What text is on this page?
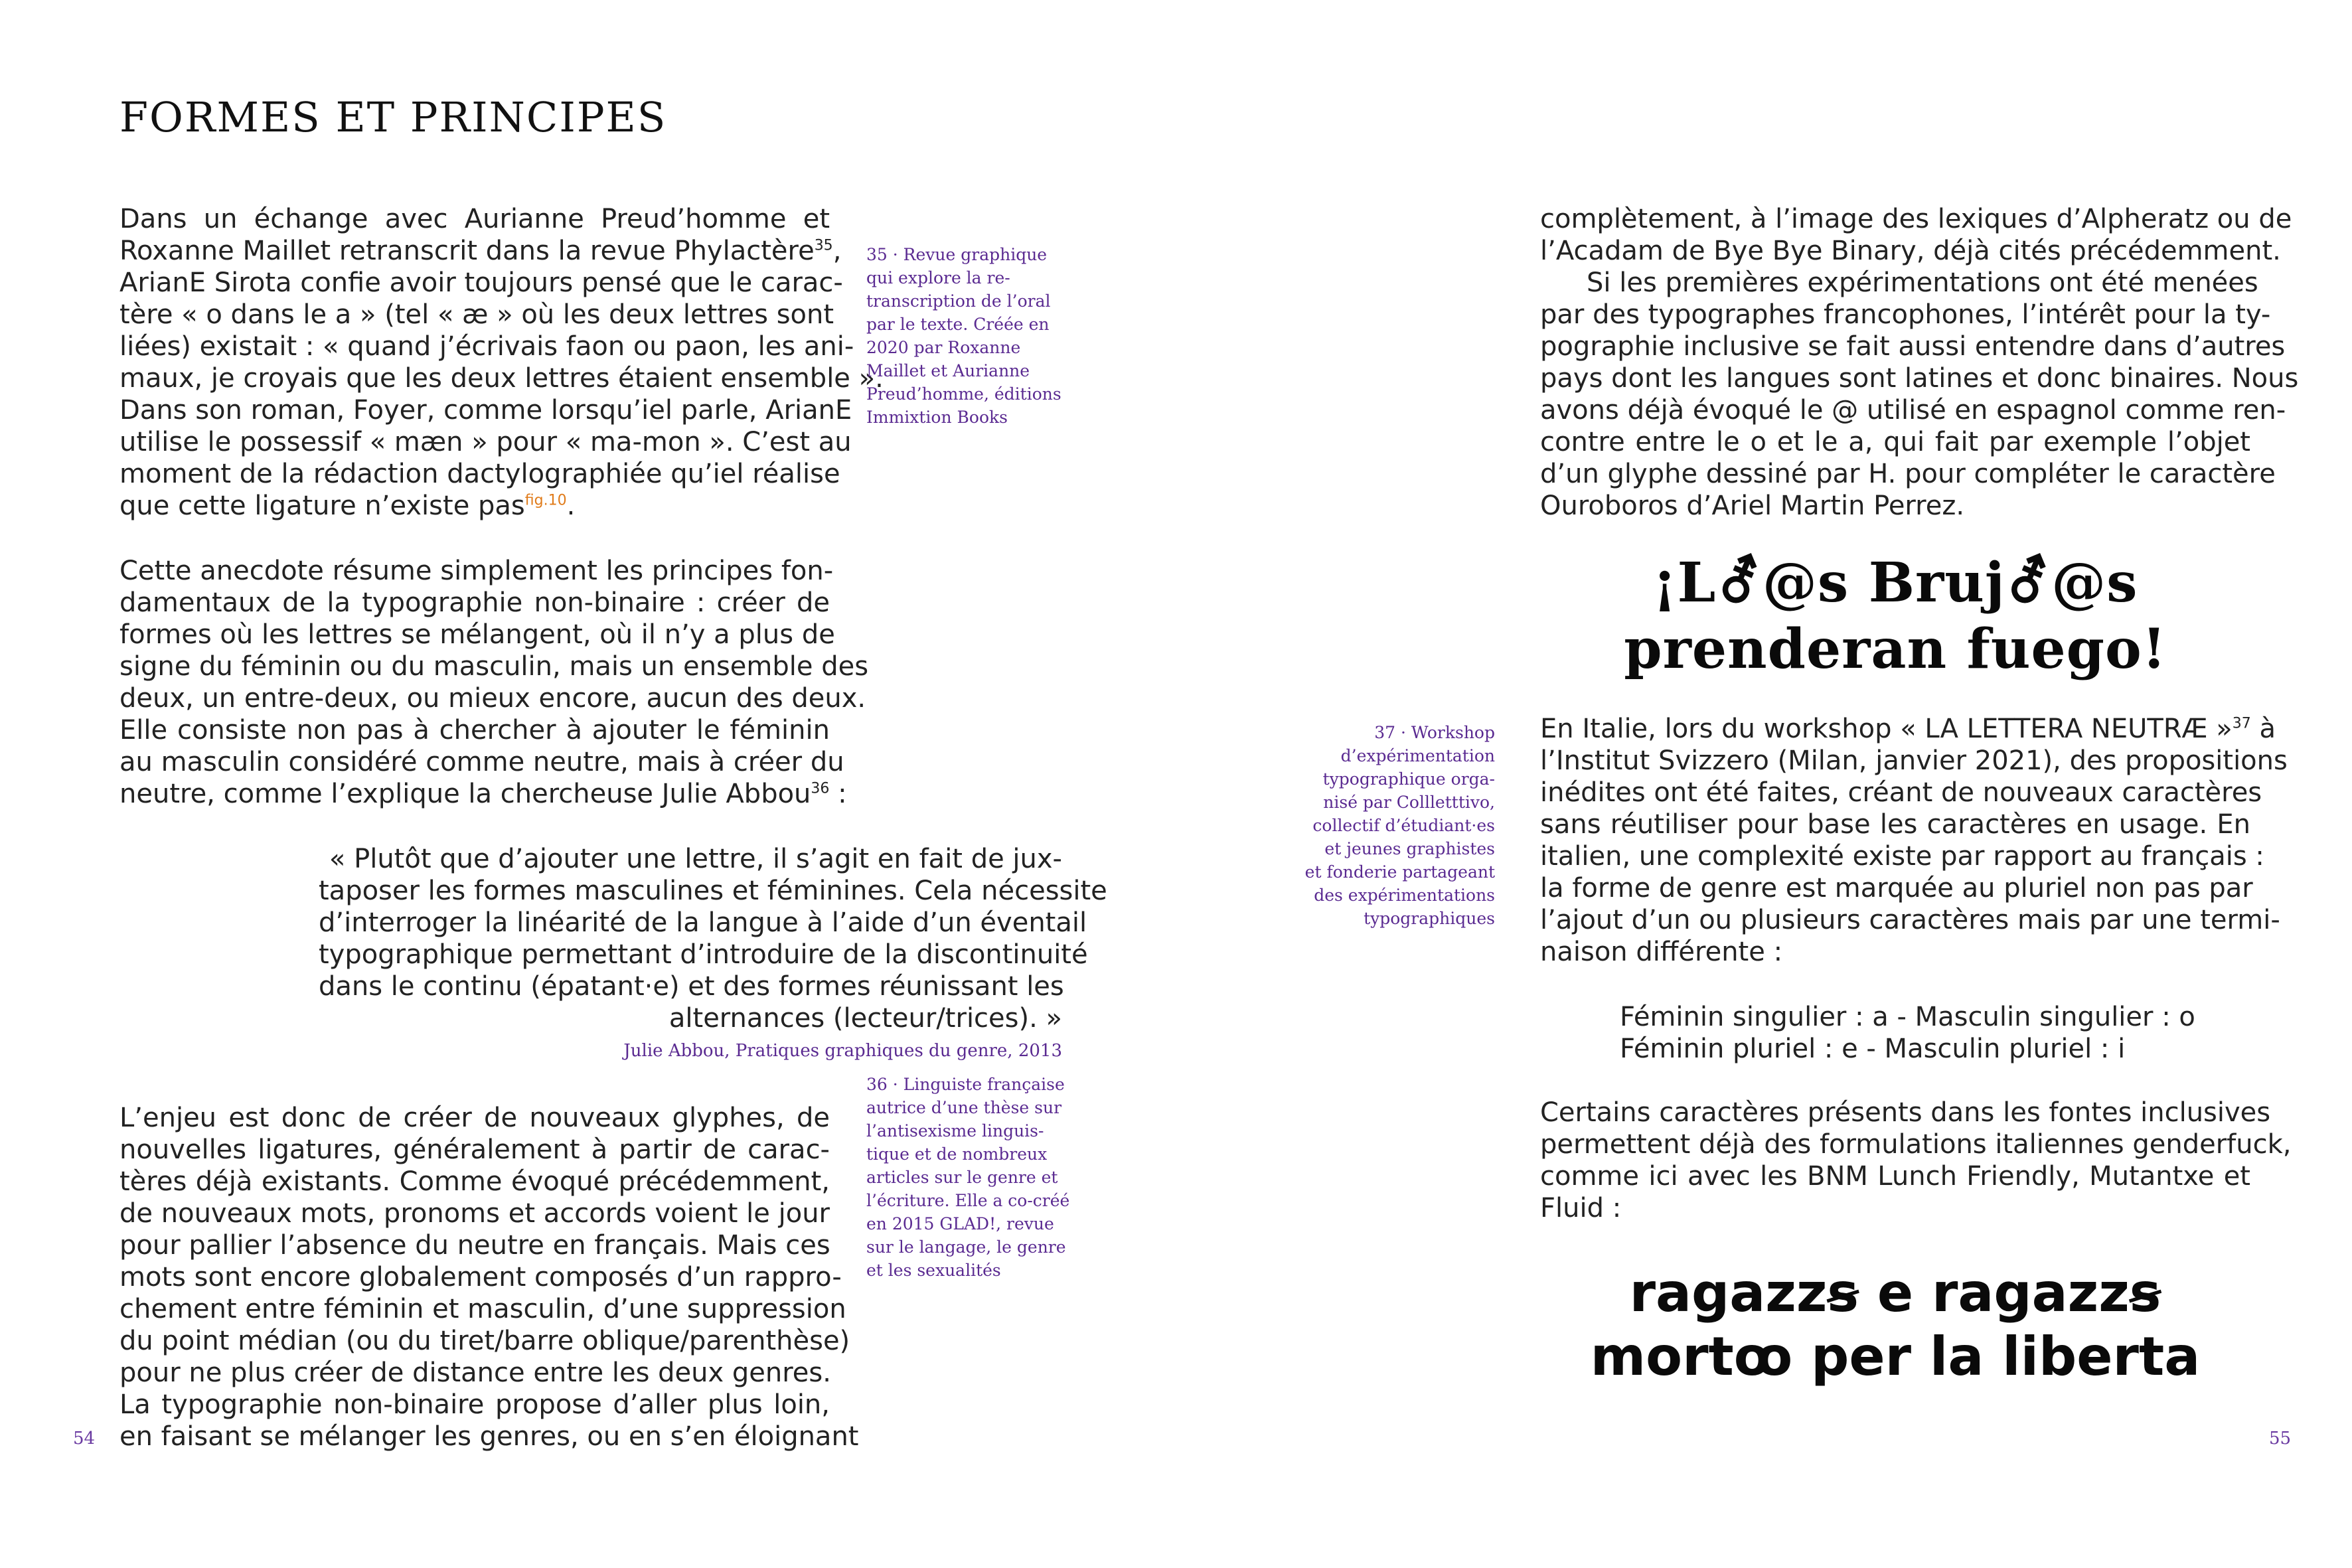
FORMES ET PRINCIPES
Dans un échange avec Aurianne Preud’homme et
Roxanne Maillet retranscrit dans la revue Phylactère$^{35}$,
ArianE Sirota confie avoir toujours pensé que le carac-
tère « o dans le a » (tel « æ » où les deux lettres sont
liées) existait : « quand j’écrivais faon ou paon, les ani-
maux, je croyais que les deux lettres étaient ensemble ».
Dans son roman, Foyer, comme lorsqu’iel parle, ArianE
utilise le possessif « mæn » pour « ma-mon ». C’est au
moment de la rédaction dactylographiée qu’iel réalise
que cette ligature n’existe pas$^{fig.10}$.
35 · Revue graphique
qui explore la re-
transcription de l’oral
par le texte. Créée en
2020 par Roxanne
Maillet et Aurianne
Preud’homme, éditions
Immixtion Books
Cette anecdote résume simplement les principes fon-
damentaux de la typographie non-binaire : créer de
formes où les lettres se mélangent, où il n’y a plus de
signe du féminin ou du masculin, mais un ensemble des
deux, un entre-deux, ou mieux encore, aucun des deux.
Elle consiste non pas à chercher à ajouter le féminin
au masculin considéré comme neutre, mais à créer du
neutre, comme l’explique la chercheuse Julie Abbou$^{36}$ :
« Plutôt que d’ajouter une lettre, il s’agit en fait de jux-
taposer les formes masculines et féminines. Cela nécessite
d’interroger la linéarité de la langue à l’aide d’un éventail
typographique permettant d’introduire de la discontinuité
dans le continu (épatant·e) et des formes réunissant les
alternances (lecteur/trices). »
Julie Abbou, Pratiques graphiques du genre, 2013
L’enjeu est donc de créer de nouveaux glyphes, de
nouvelles ligatures, généralement à partir de carac-
tères déjà existants. Comme évoqué précédemment,
de nouveaux mots, pronoms et accords voient le jour
pour pallier l’absence du neutre en français. Mais ces
mots sont encore globalement composés d’un rappro-
chement entre féminin et masculin, d’une suppression
du point médian (ou du tiret/barre oblique/parenthèse)
pour ne plus créer de distance entre les deux genres.
La typographie non-binaire propose d’aller plus loin,
en faisant se mélanger les genres, ou en s’en éloignant
36 · Linguiste française
autrice d’une thèse sur
l’antisexisme linguis-
tique et de nombreux
articles sur le genre et
l’écriture. Elle a co-créé
en 2015 GLAD!, revue
sur le langage, le genre
et les sexualités
54
complètement, à l’image des lexiques d’Alpheratz ou de
l’Acadam de Bye Bye Binary, déjà cités précédemment.
Si les premières expérimentations ont été menées
par des typographes francophones, l’intérêt pour la ty-
pographie inclusive se fait aussi entendre dans d’autres
pays dont les langues sont latines et donc binaires. Nous
avons déjà évoqué le @ utilisé en espagnol comme ren-
contre entre le o et le a, qui fait par exemple l’objet
d’un glyphe dessiné par H. pour compléter le caractère
Ouroboros d’Ariel Martin Perrez.
¡L⚦@s Bruj⚦@s
prenderan fuego!
37 · Workshop
d’expérimentation
typographique orga-
nisé par Collletttivo,
collectif d’étudiant·es
et jeunes graphistes
et fonderie partageant
des expérimentations
typographiques
En Italie, lors du workshop « LA LETTERA NEUTRÆ »$^{37}$ à
l’Institut Svizzero (Milan, janvier 2021), des propositions
inédites ont été faites, créant de nouveaux caractères
sans réutiliser pour base les caractères en usage. En
italien, une complexité existe par rapport au français :
la forme de genre est marquée au pluriel non pas par
l’ajout d’un ou plusieurs caractères mais par une termi-
naison différente :
Féminin singulier : a - Masculin singulier : o
Féminin pluriel : e - Masculin pluriel : i
Certains caractères présents dans les fontes inclusives
permettent déjà des formulations italiennes genderfuck,
comme ici avec les BNM Lunch Friendly, Mutantxe et
Fluid :
ragazzꞩ e ragazzꞩ
mortꝏ per la liberta
55
